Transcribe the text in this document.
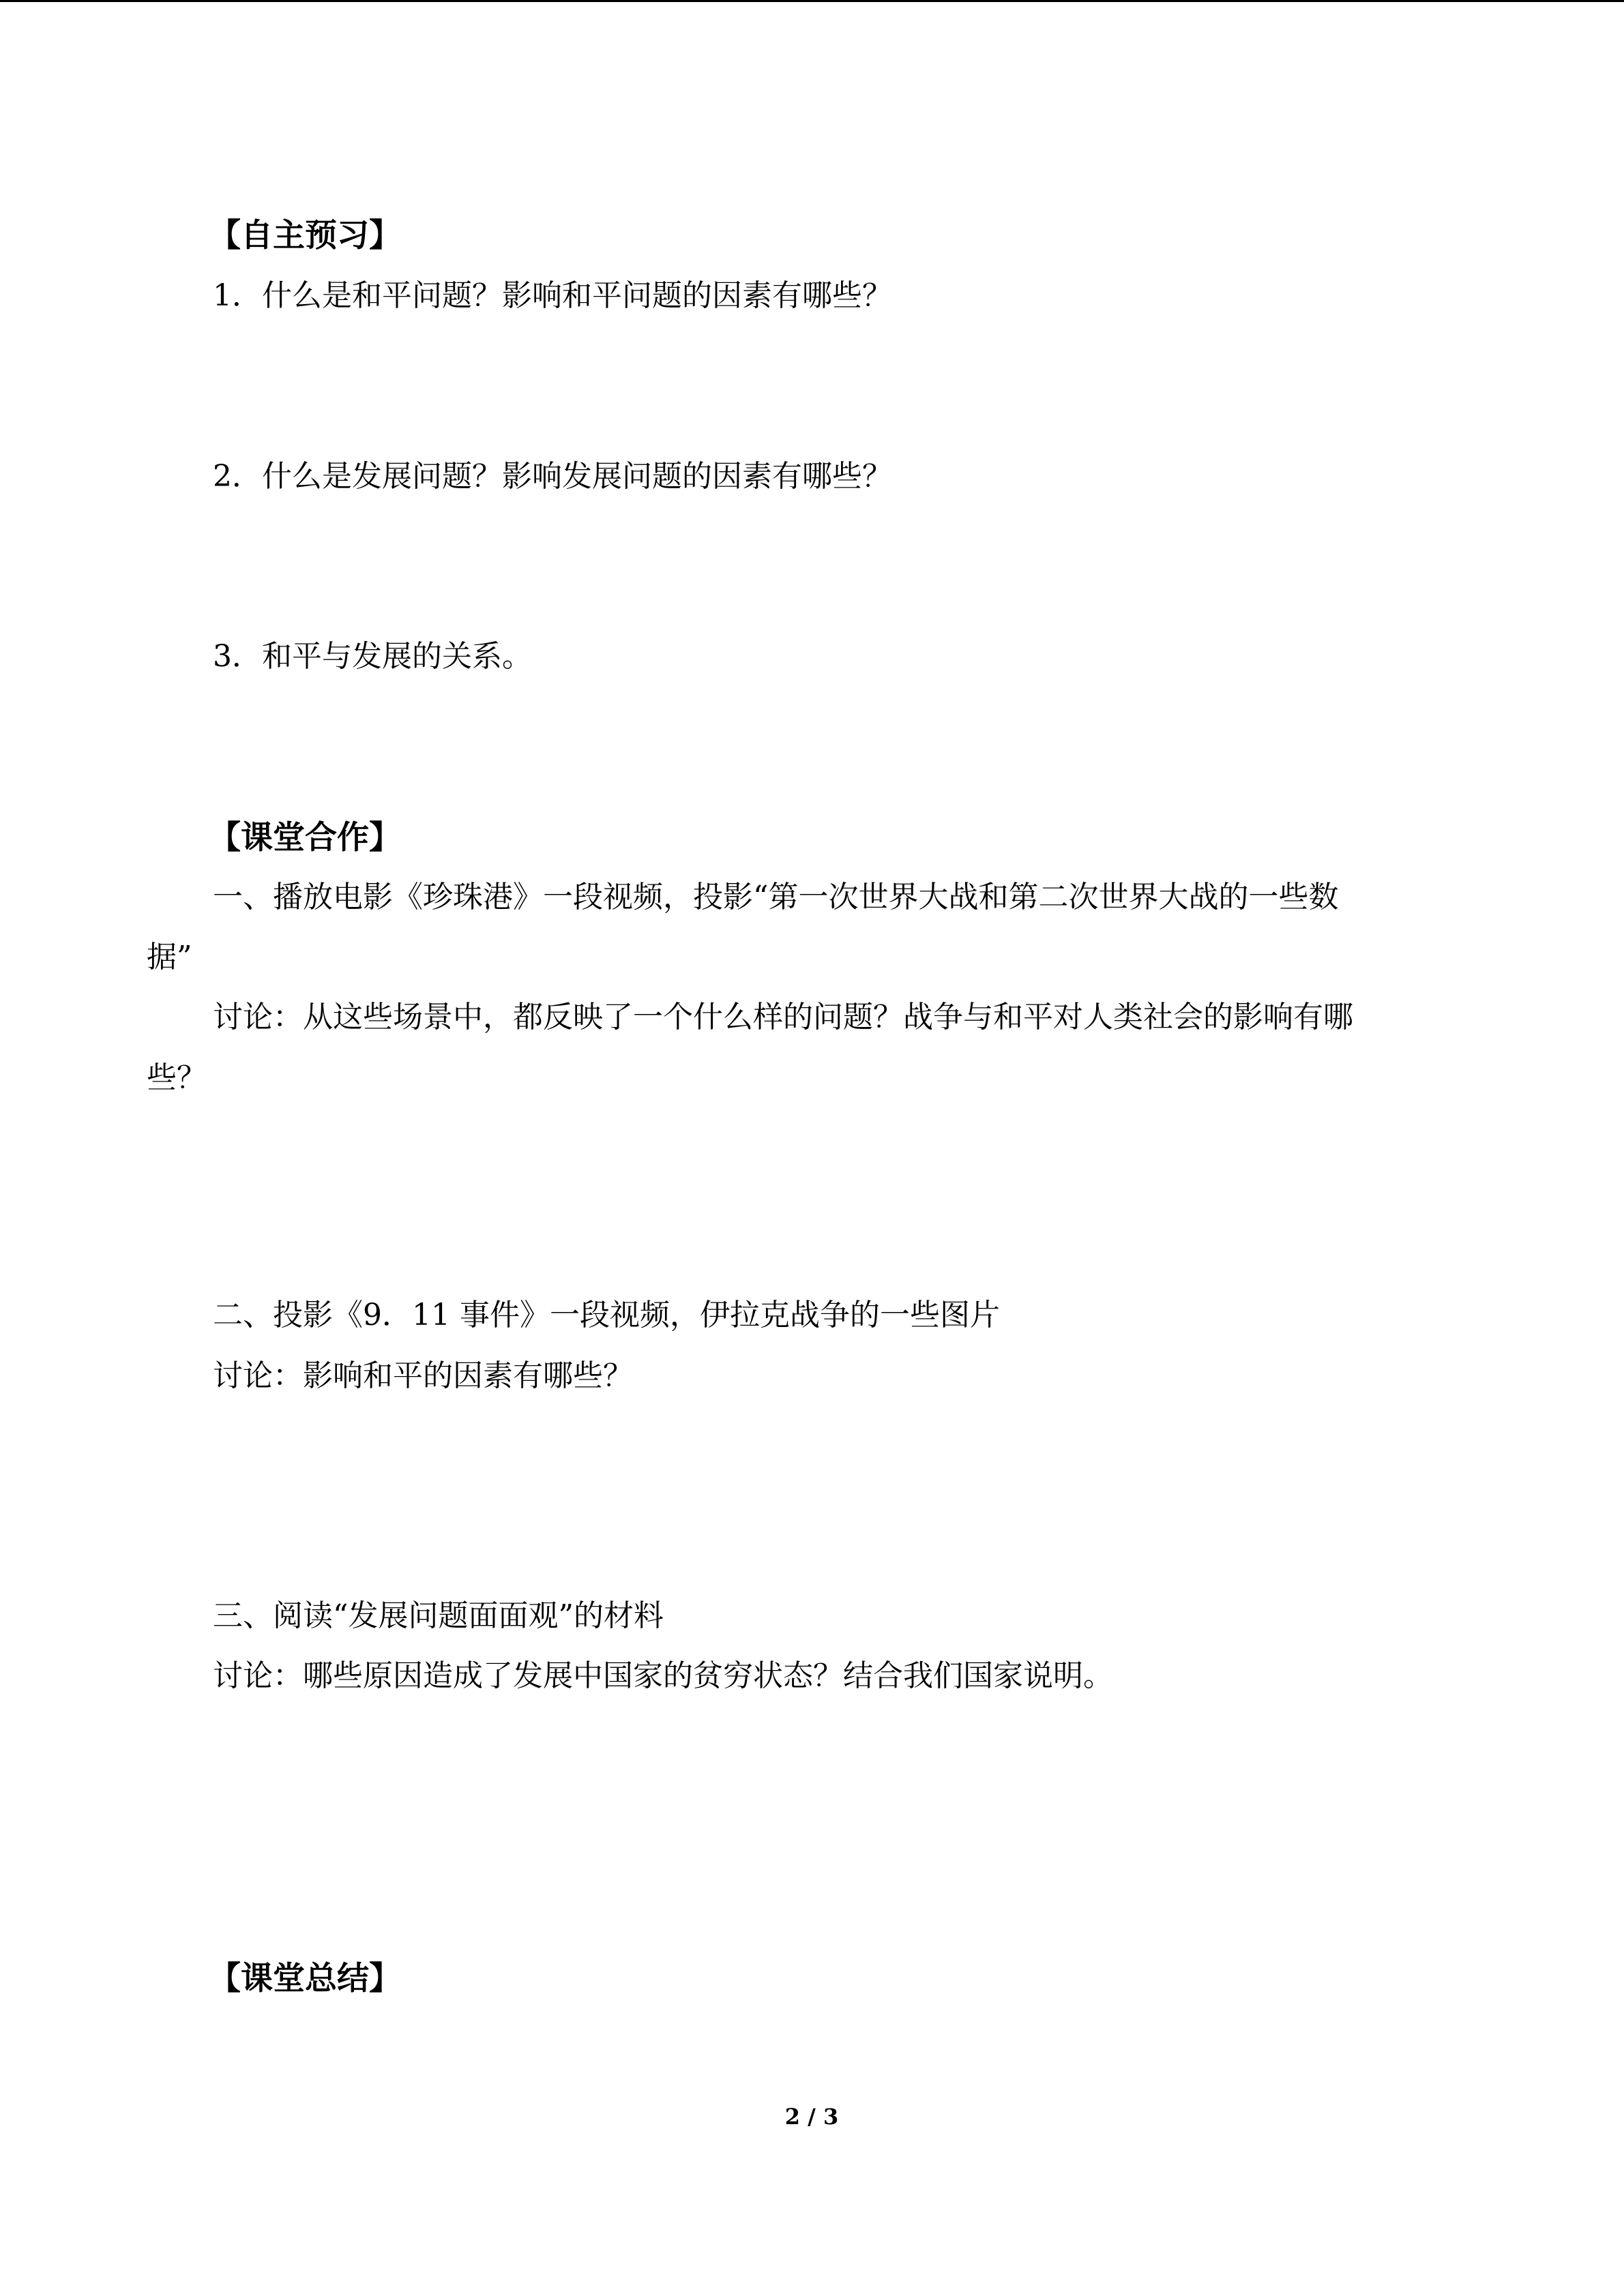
【自主预习】
1．什么是和平问题？影响和平问题的因素有哪些？
2．什么是发展问题？影响发展问题的因素有哪些？
3．和平与发展的关系。
【课堂合作】
一、播放电影《珍珠港》一段视频，投影“第一次世界大战和第二次世界大战的一些数
据”
讨论：从这些场景中，都反映了一个什么样的问题？战争与和平对人类社会的影响有哪
些？
二、投影《9．11 事件》一段视频，伊拉克战争的一些图片
讨论：影响和平的因素有哪些？
三、阅读“发展问题面面观”的材料
讨论：哪些原因造成了发展中国家的贫穷状态？结合我们国家说明。
【课堂总结】
2 / 3
